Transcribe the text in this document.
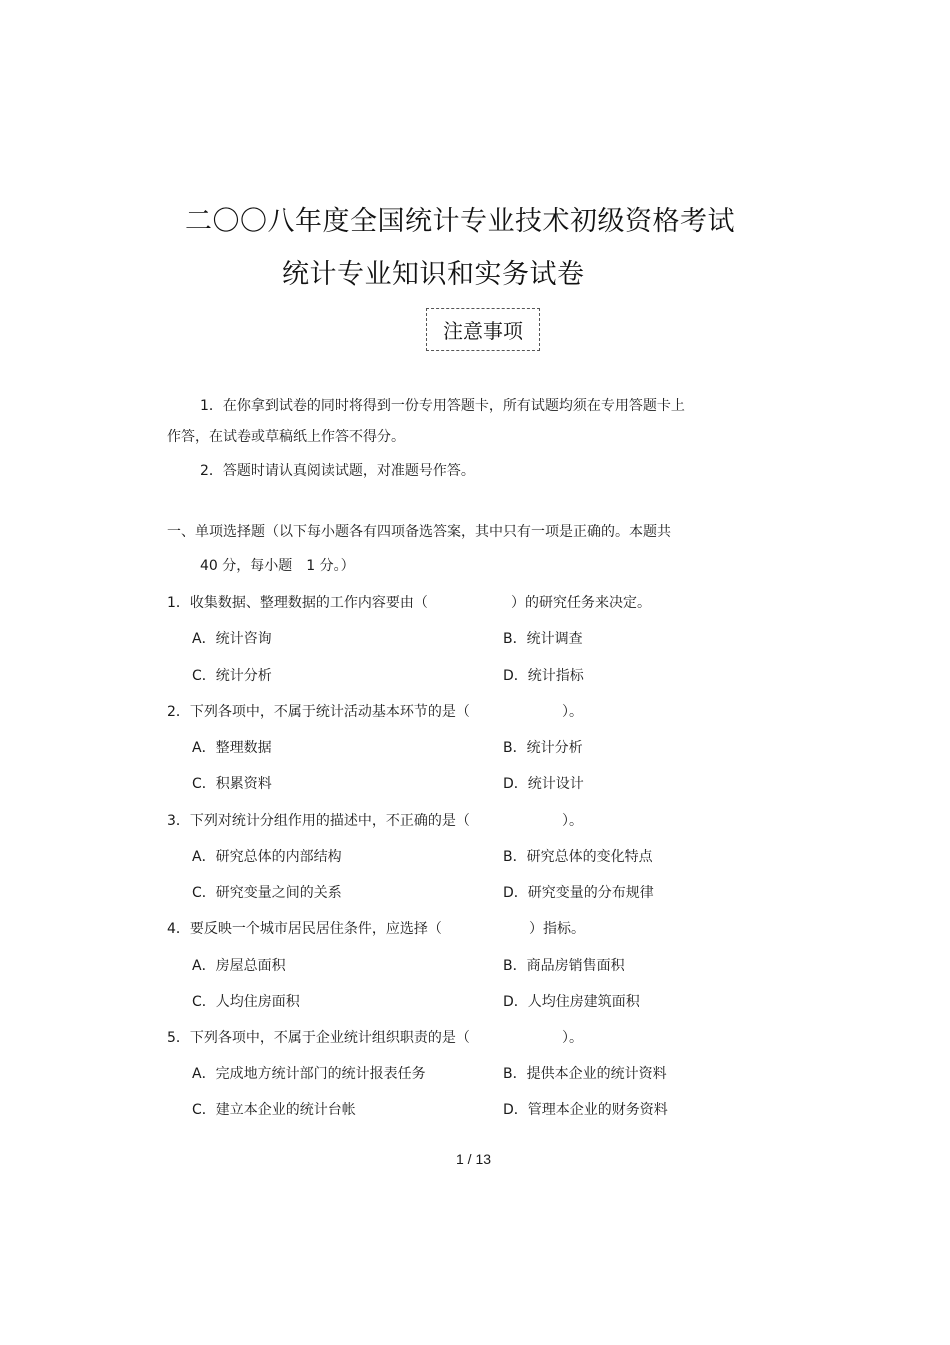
二〇〇八年度全国统计专业技术初级资格考试
统计专业知识和实务试卷
注意事项
1．在你拿到试卷的同时将得到一份专用答题卡，所有试题均须在专用答题卡上
作答，在试卷或草稿纸上作答不得分。
2．答题时请认真阅读试题，对准题号作答。
一、单项选择题（以下每小题各有四项备选答案，其中只有一项是正确的。本题共
40 分，每小题　1 分。）
1．收集数据、整理数据的工作内容要由（	）的研究任务来决定。
A．统计咨询	B．统计调查
C．统计分析	D．统计指标
2．下列各项中，不属于统计活动基本环节的是（	）。
A．整理数据	B．统计分析
C．积累资料	D．统计设计
3．下列对统计分组作用的描述中，不正确的是（	）。
A．研究总体的内部结构	B．研究总体的变化特点
C．研究变量之间的关系	D．研究变量的分布规律
4．要反映一个城市居民居住条件，应选择（	）指标。
A．房屋总面积	B．商品房销售面积
C．人均住房面积	D．人均住房建筑面积
5．下列各项中，不属于企业统计组织职责的是（	）。
A．完成地方统计部门的统计报表任务	B．提供本企业的统计资料
C．建立本企业的统计台帐	D．管理本企业的财务资料
1 / 13
